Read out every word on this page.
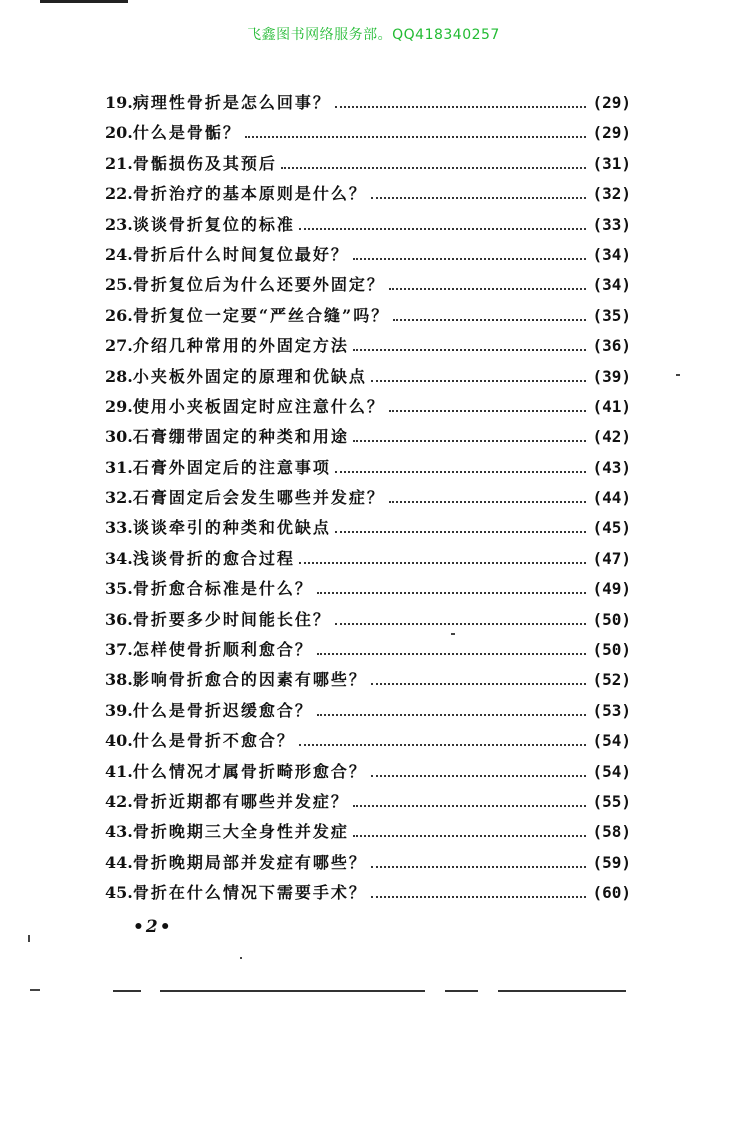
飞鑫图书网络服务部。QQ418340257
19. 病理性骨折是怎么回事？	(29)
20. 什么是骨骺？	(29)
21. 骨骺损伤及其预后	(31)
22. 骨折治疗的基本原则是什么？	(32)
23. 谈谈骨折复位的标准	(33)
24. 骨折后什么时间复位最好？	(34)
25. 骨折复位后为什么还要外固定？	(34)
26. 骨折复位一定要“严丝合缝”吗？	(35)
27. 介绍几种常用的外固定方法	(36)
28. 小夹板外固定的原理和优缺点	(39)
29. 使用小夹板固定时应注意什么？	(41)
30. 石膏绷带固定的种类和用途	(42)
31. 石膏外固定后的注意事项	(43)
32. 石膏固定后会发生哪些并发症？	(44)
33. 谈谈牵引的种类和优缺点	(45)
34. 浅谈骨折的愈合过程	(47)
35. 骨折愈合标准是什么？	(49)
36. 骨折要多少时间能长住？	(50)
37. 怎样使骨折顺利愈合？	(50)
38. 影响骨折愈合的因素有哪些？	(52)
39. 什么是骨折迟缓愈合？	(53)
40. 什么是骨折不愈合？	(54)
41. 什么情况才属骨折畸形愈合？	(54)
42. 骨折近期都有哪些并发症？	(55)
43. 骨折晚期三大全身性并发症	(58)
44. 骨折晚期局部并发症有哪些？	(59)
45. 骨折在什么情况下需要手术？	(60)
•2•
